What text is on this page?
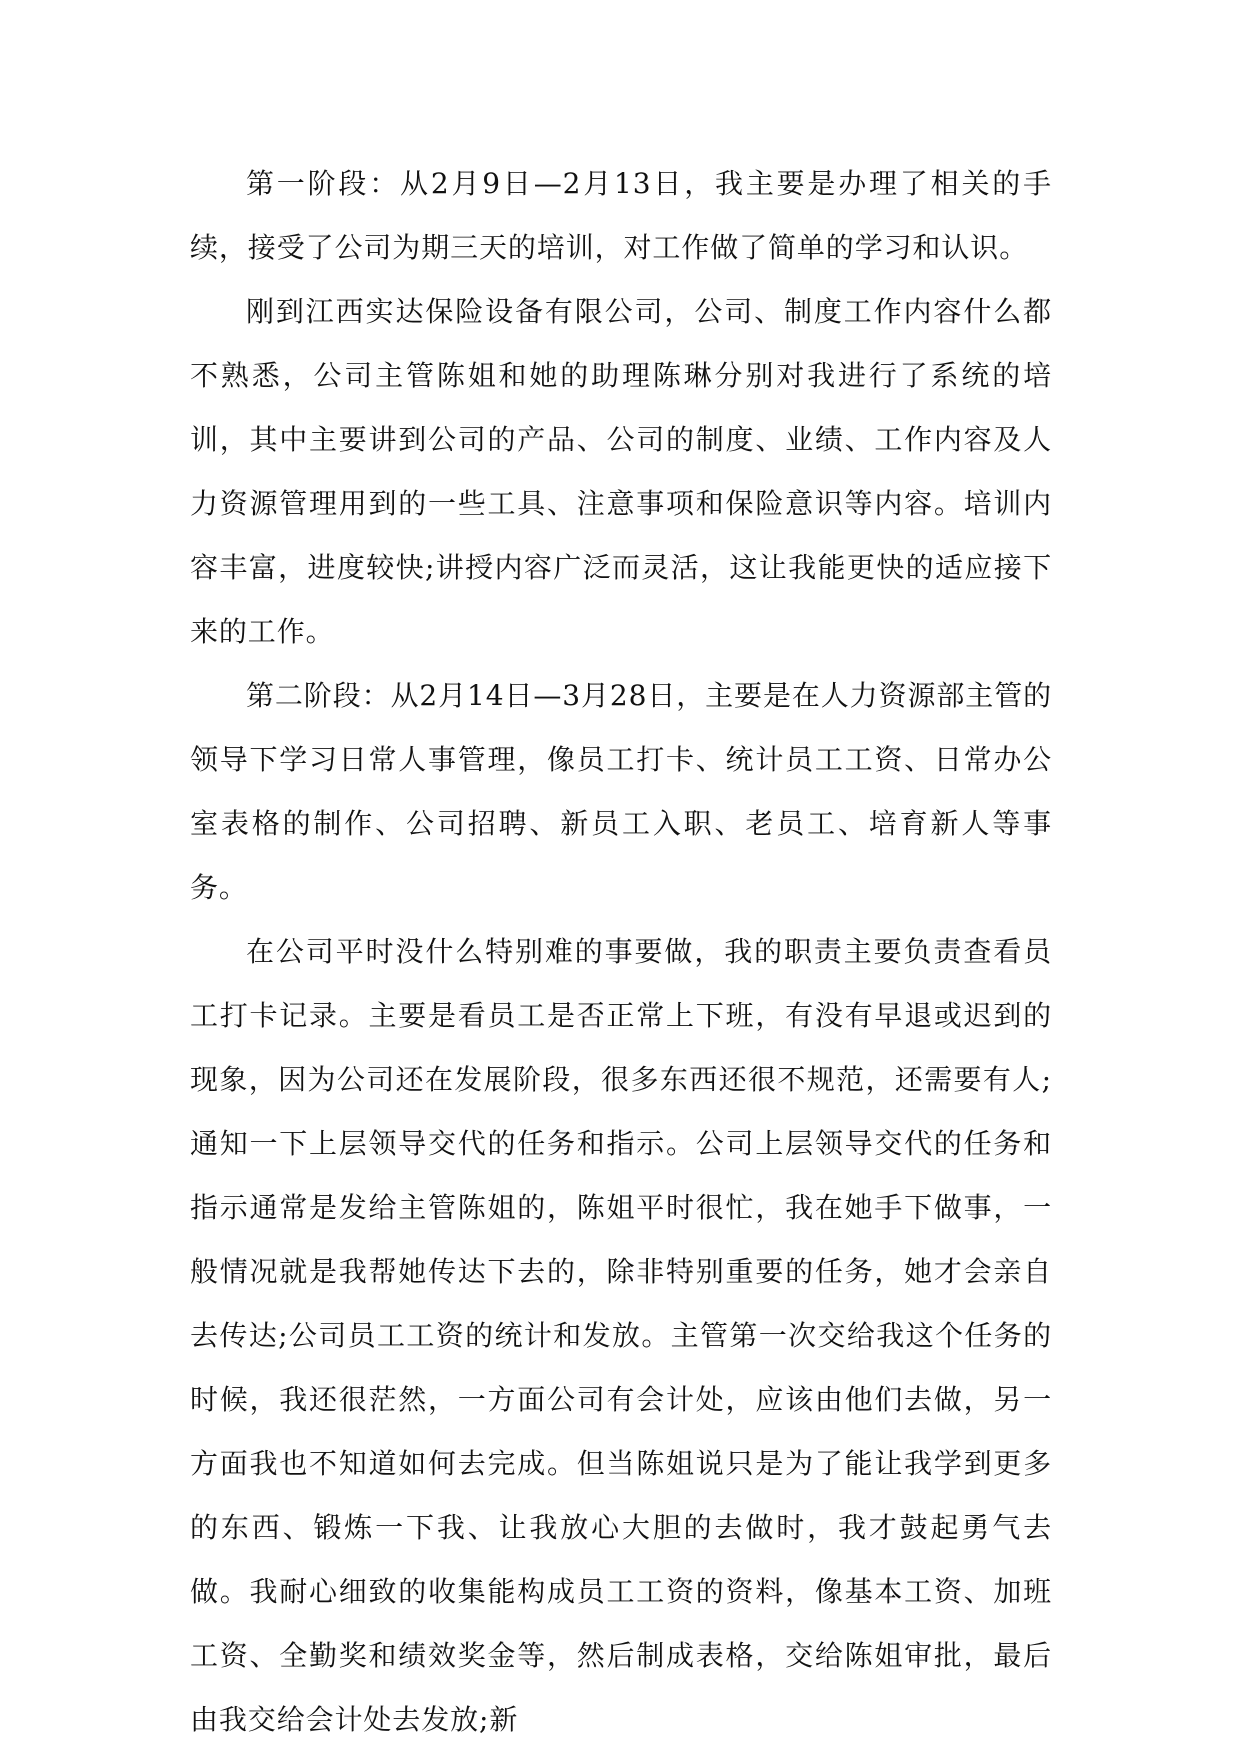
第一阶段：从2月9日—2月13日，我主要是办理了相关的手续，接受了公司为期三天的培训，对工作做了简单的学习和认识。

刚到江西实达保险设备有限公司，公司、制度工作内容什么都不熟悉，公司主管陈姐和她的助理陈琳分别对我进行了系统的培训，其中主要讲到公司的产品、公司的制度、业绩、工作内容及人力资源管理用到的一些工具、注意事项和保险意识等内容。培训内容丰富，进度较快;讲授内容广泛而灵活，这让我能更快的适应接下来的工作。

第二阶段：从2月14日—3月28日，主要是在人力资源部主管的领导下学习日常人事管理，像员工打卡、统计员工工资、日常办公室表格的制作、公司招聘、新员工入职、老员工、培育新人等事务。

在公司平时没什么特别难的事要做，我的职责主要负责查看员工打卡记录。主要是看员工是否正常上下班，有没有早退或迟到的现象，因为公司还在发展阶段，很多东西还很不规范，还需要有人;通知一下上层领导交代的任务和指示。公司上层领导交代的任务和指示通常是发给主管陈姐的，陈姐平时很忙，我在她手下做事，一般情况就是我帮她传达下去的，除非特别重要的任务，她才会亲自去传达;公司员工工资的统计和发放。主管第一次交给我这个任务的时候，我还很茫然，一方面公司有会计处，应该由他们去做，另一方面我也不知道如何去完成。但当陈姐说只是为了能让我学到更多的东西、锻炼一下我、让我放心大胆的去做时，我才鼓起勇气去做。我耐心细致的收集能构成员工工资的资料，像基本工资、加班工资、全勤奖和绩效奖金等，然后制成表格，交给陈姐审批，最后由我交给会计处去发放;新
